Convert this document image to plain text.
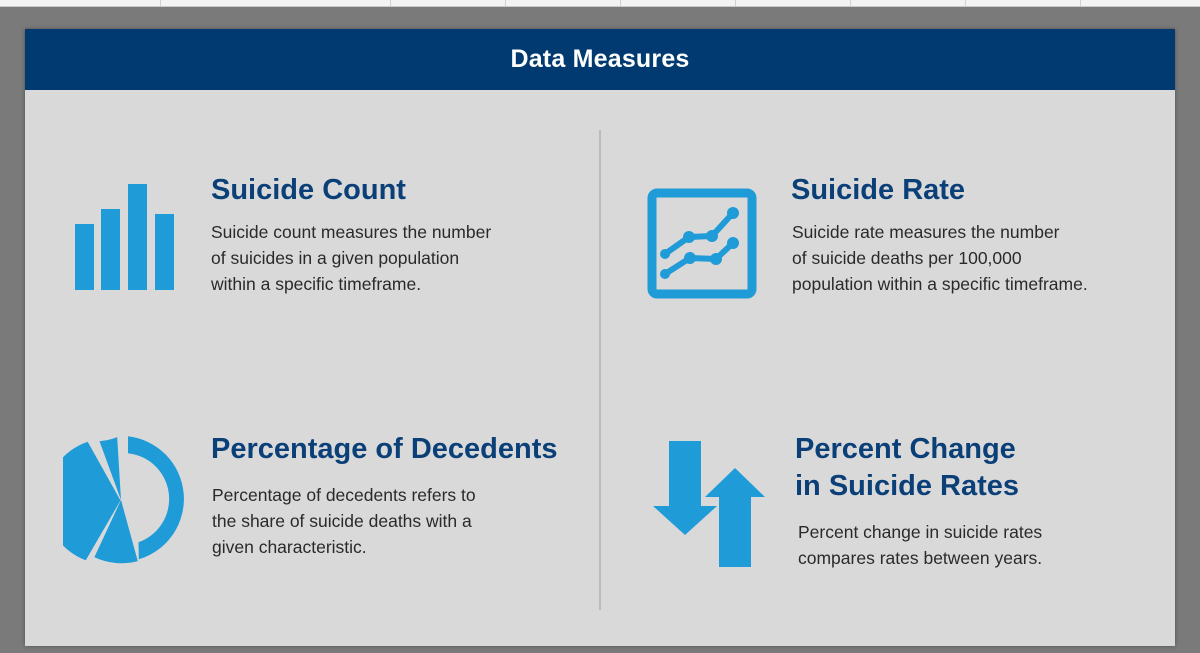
Data Measures
Suicide Count
Suicide count measures the number
of suicides in a given population
within a specific timeframe.
Suicide Rate
Suicide rate measures the number
of suicide deaths per 100,000
population within a specific timeframe.
Percentage of Decedents
Percentage of decedents refers to
the share of suicide deaths with a
given characteristic.
Percent Change
in Suicide Rates
Percent change in suicide rates
compares rates between years.
